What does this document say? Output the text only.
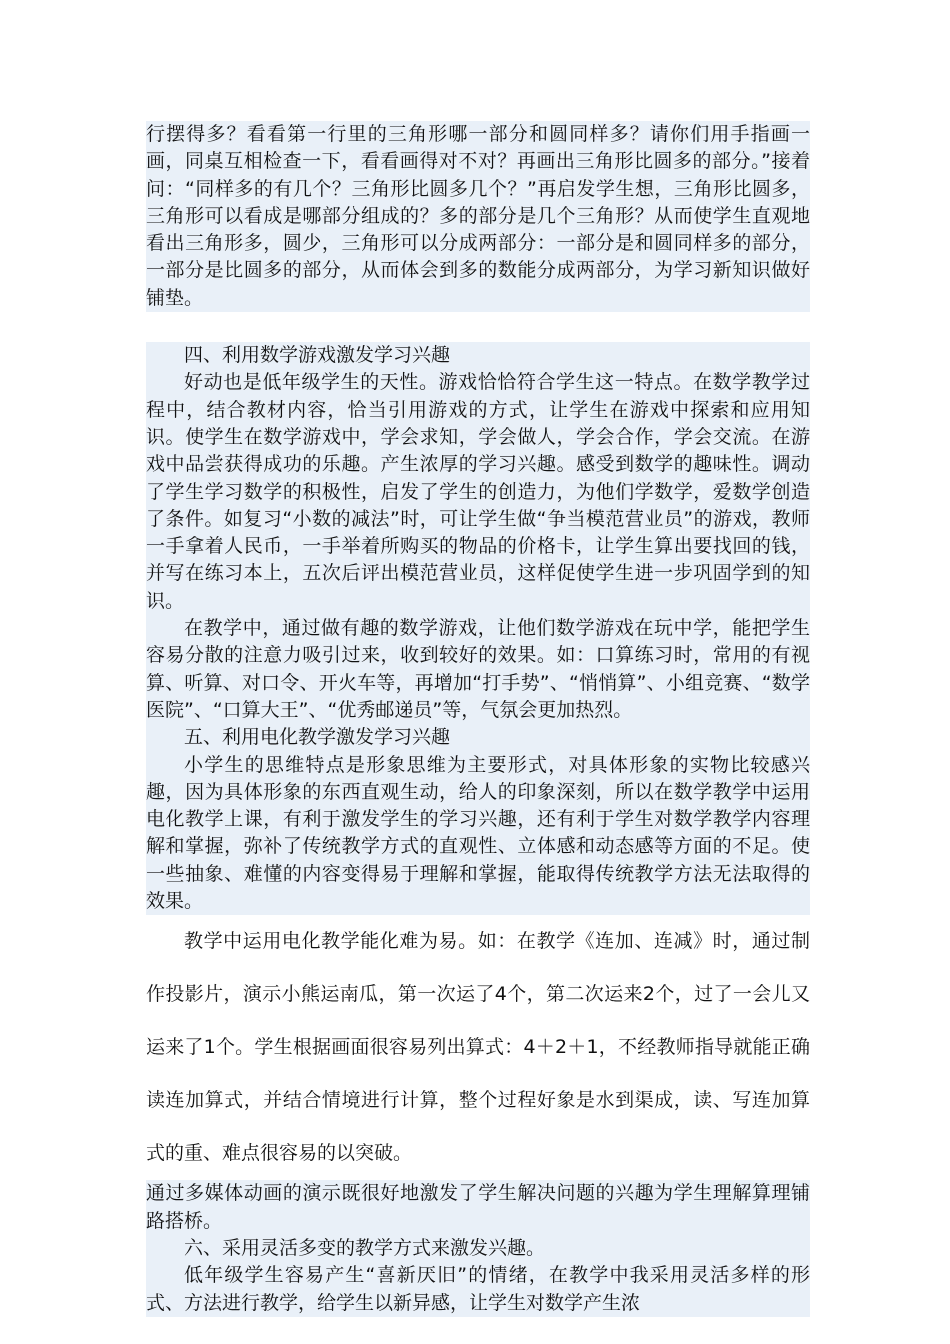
行摆得多？看看第一行里的三角形哪一部分和圆同样多？请你们用手指画一画，同桌互相检查一下，看看画得对不对？再画出三角形比圆多的部分。”接着问：“同样多的有几个？三角形比圆多几个？”再启发学生想，三角形比圆多，三角形可以看成是哪部分组成的？多的部分是几个三角形？从而使学生直观地看出三角形多，圆少，三角形可以分成两部分：一部分是和圆同样多的部分，一部分是比圆多的部分，从而体会到多的数能分成两部分，为学习新知识做好铺垫。

四、利用数学游戏激发学习兴趣

好动也是低年级学生的天性。游戏恰恰符合学生这一特点。在数学教学过程中，结合教材内容，恰当引用游戏的方式，让学生在游戏中探索和应用知识。使学生在数学游戏中，学会求知，学会做人，学会合作，学会交流。在游戏中品尝获得成功的乐趣。产生浓厚的学习兴趣。感受到数学的趣味性。调动了学生学习数学的积极性，启发了学生的创造力，为他们学数学，爱数学创造了条件。如复习“小数的减法”时，可让学生做“争当模范营业员”的游戏，教师一手拿着人民币，一手举着所购买的物品的价格卡，让学生算出要找回的钱，并写在练习本上，五次后评出模范营业员，这样促使学生进一步巩固学到的知识。

在教学中，通过做有趣的数学游戏，让他们数学游戏在玩中学，能把学生容易分散的注意力吸引过来，收到较好的效果。如：口算练习时，常用的有视算、听算、对口令、开火车等，再增加“打手势”、“悄悄算”、小组竞赛、“数学医院”、“口算大王”、“优秀邮递员”等，气氛会更加热烈。

五、利用电化教学激发学习兴趣

小学生的思维特点是形象思维为主要形式，对具体形象的实物比较感兴趣，因为具体形象的东西直观生动，给人的印象深刻，所以在数学教学中运用电化教学上课，有利于激发学生的学习兴趣，还有利于学生对数学教学内容理解和掌握，弥补了传统教学方式的直观性、立体感和动态感等方面的不足。使一些抽象、难懂的内容变得易于理解和掌握，能取得传统教学方法无法取得的效果。

教学中运用电化教学能化难为易。如：在教学《连加、连减》时，通过制作投影片，演示小熊运南瓜，第一次运了4个，第二次运来2个，过了一会儿又运来了1个。学生根据画面很容易列出算式：4＋2＋1，不经教师指导就能正确读连加算式，并结合情境进行计算，整个过程好象是水到渠成，读、写连加算式的重、难点很容易的以突破。

通过多媒体动画的演示既很好地激发了学生解决问题的兴趣为学生理解算理铺路搭桥。

六、采用灵活多变的教学方式来激发兴趣。

低年级学生容易产生“喜新厌旧”的情绪，在教学中我采用灵活多样的形式、方法进行教学，给学生以新异感，让学生对数学产生浓
